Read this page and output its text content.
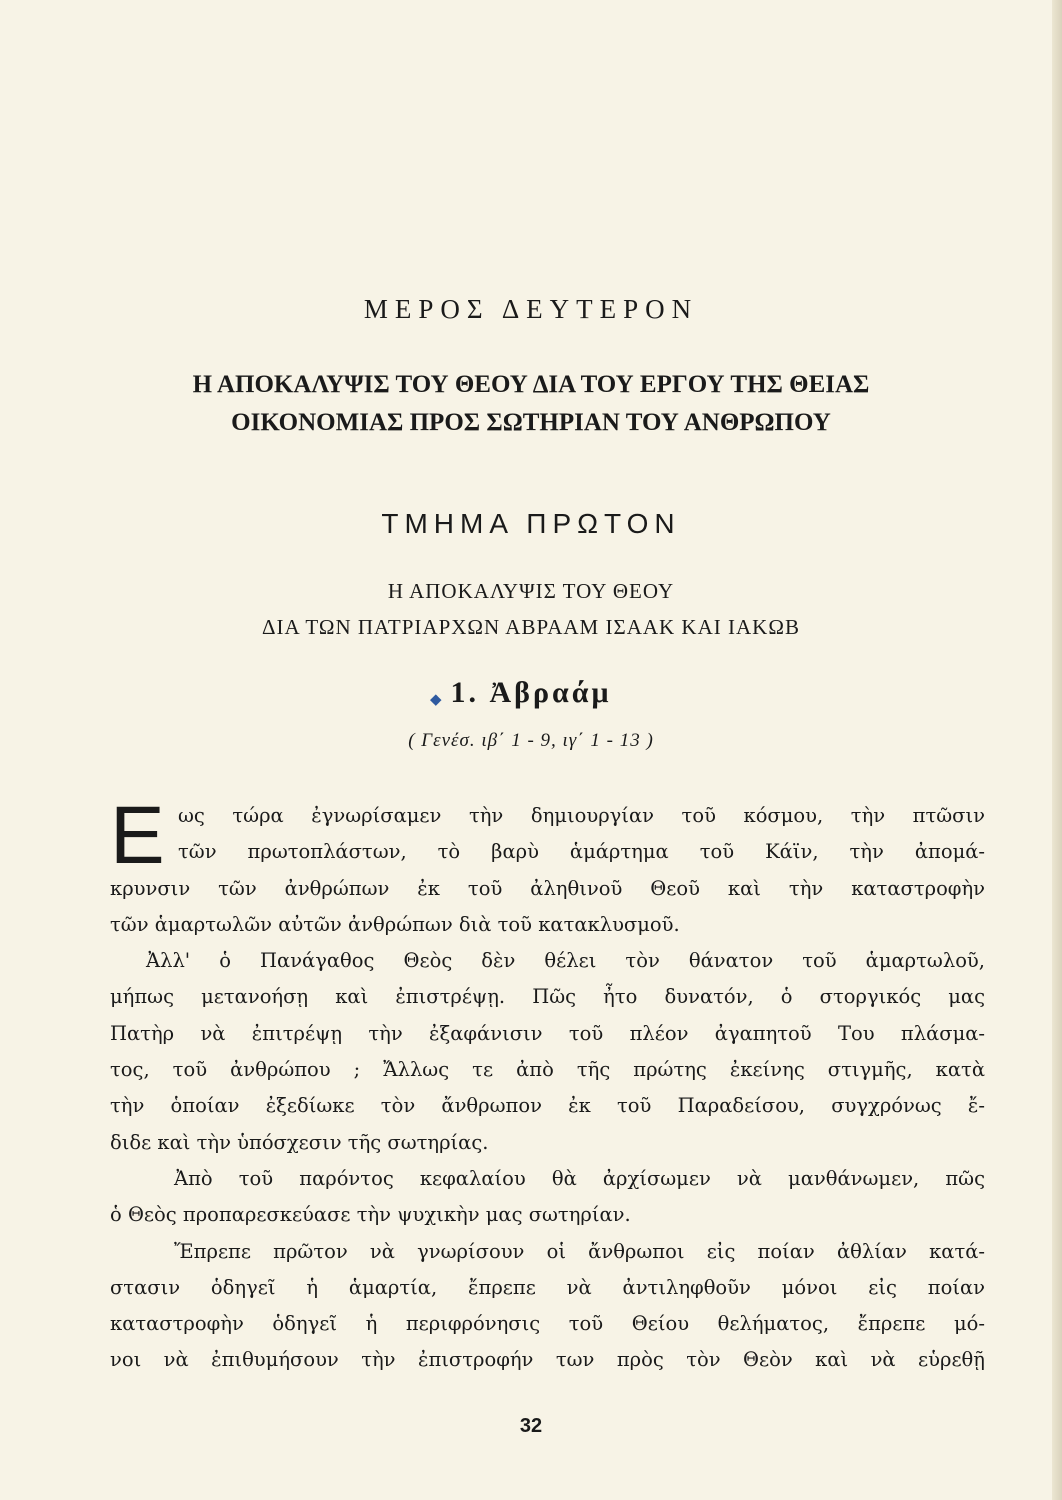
ΜΕΡΟΣ ΔΕΥΤΕΡΟΝ
Η ΑΠΟΚΑΛΥΨΙΣ ΤΟΥ ΘΕΟΥ ΔΙΑ ΤΟΥ ΕΡΓΟΥ ΤΗΣ ΘΕΙΑΣ
ΟΙΚΟΝΟΜΙΑΣ ΠΡΟΣ ΣΩΤΗΡΙΑΝ ΤΟΥ ΑΝΘΡΩΠΟΥ
ΤΜΗΜΑ ΠΡΩΤΟΝ
Η ΑΠΟΚΑΛΥΨΙΣ ΤΟΥ ΘΕΟΥ
ΔΙΑ ΤΩΝ ΠΑΤΡΙΑΡΧΩΝ ΑΒΡΑΑΜ ΙΣΑΑΚ ΚΑΙ ΙΑΚΩΒ
◆ 1. Ἀβραάμ
( Γενέσ. ιβ΄ 1 - 9, ιγ΄ 1 - 13 )
Ε ως τώρα ἐγνωρίσαμεν τὴν δημιουργίαν τοῦ κόσμου, τὴν πτῶσιν
τῶν πρωτοπλάστων, τὸ βαρὺ ἁμάρτημα τοῦ Κάϊν, τὴν ἀπομά-
κρυνσιν τῶν ἀνθρώπων ἐκ τοῦ ἀληθινοῦ Θεοῦ καὶ τὴν καταστροφὴν
τῶν ἁμαρτωλῶν αὐτῶν ἀνθρώπων διὰ τοῦ κατακλυσμοῦ.
Ἀλλ' ὁ Πανάγαθος Θεὸς δὲν θέλει τὸν θάνατον τοῦ ἁμαρτωλοῦ,
μήπως μετανοήσῃ καὶ ἐπιστρέψῃ. Πῶς ἦτο δυνατόν, ὁ στοργικός μας
Πατὴρ νὰ ἐπιτρέψῃ τὴν ἐξαφάνισιν τοῦ πλέον ἀγαπητοῦ Του πλάσμα-
τος, τοῦ ἀνθρώπου ; Ἄλλως τε ἀπὸ τῆς πρώτης ἐκείνης στιγμῆς, κατὰ
τὴν ὁποίαν ἐξεδίωκε τὸν ἄνθρωπον ἐκ τοῦ Παραδείσου, συγχρόνως ἔ-
διδε καὶ τὴν ὑπόσχεσιν τῆς σωτηρίας.
Ἀπὸ τοῦ παρόντος κεφαλαίου θὰ ἀρχίσωμεν νὰ μανθάνωμεν, πῶς
ὁ Θεὸς προπαρεσκεύασε τὴν ψυχικὴν μας σωτηρίαν.
Ἔπρεπε πρῶτον νὰ γνωρίσουν οἱ ἄνθρωποι εἰς ποίαν ἀθλίαν κατά-
στασιν ὁδηγεῖ ἡ ἁμαρτία, ἔπρεπε νὰ ἀντιληφθοῦν μόνοι εἰς ποίαν
καταστροφὴν ὁδηγεῖ ἡ περιφρόνησις τοῦ Θείου θελήματος, ἔπρεπε μό-
νοι νὰ ἐπιθυμήσουν τὴν ἐπιστροφήν των πρὸς τὸν Θεὸν καὶ νὰ εὑρεθῇ
32
